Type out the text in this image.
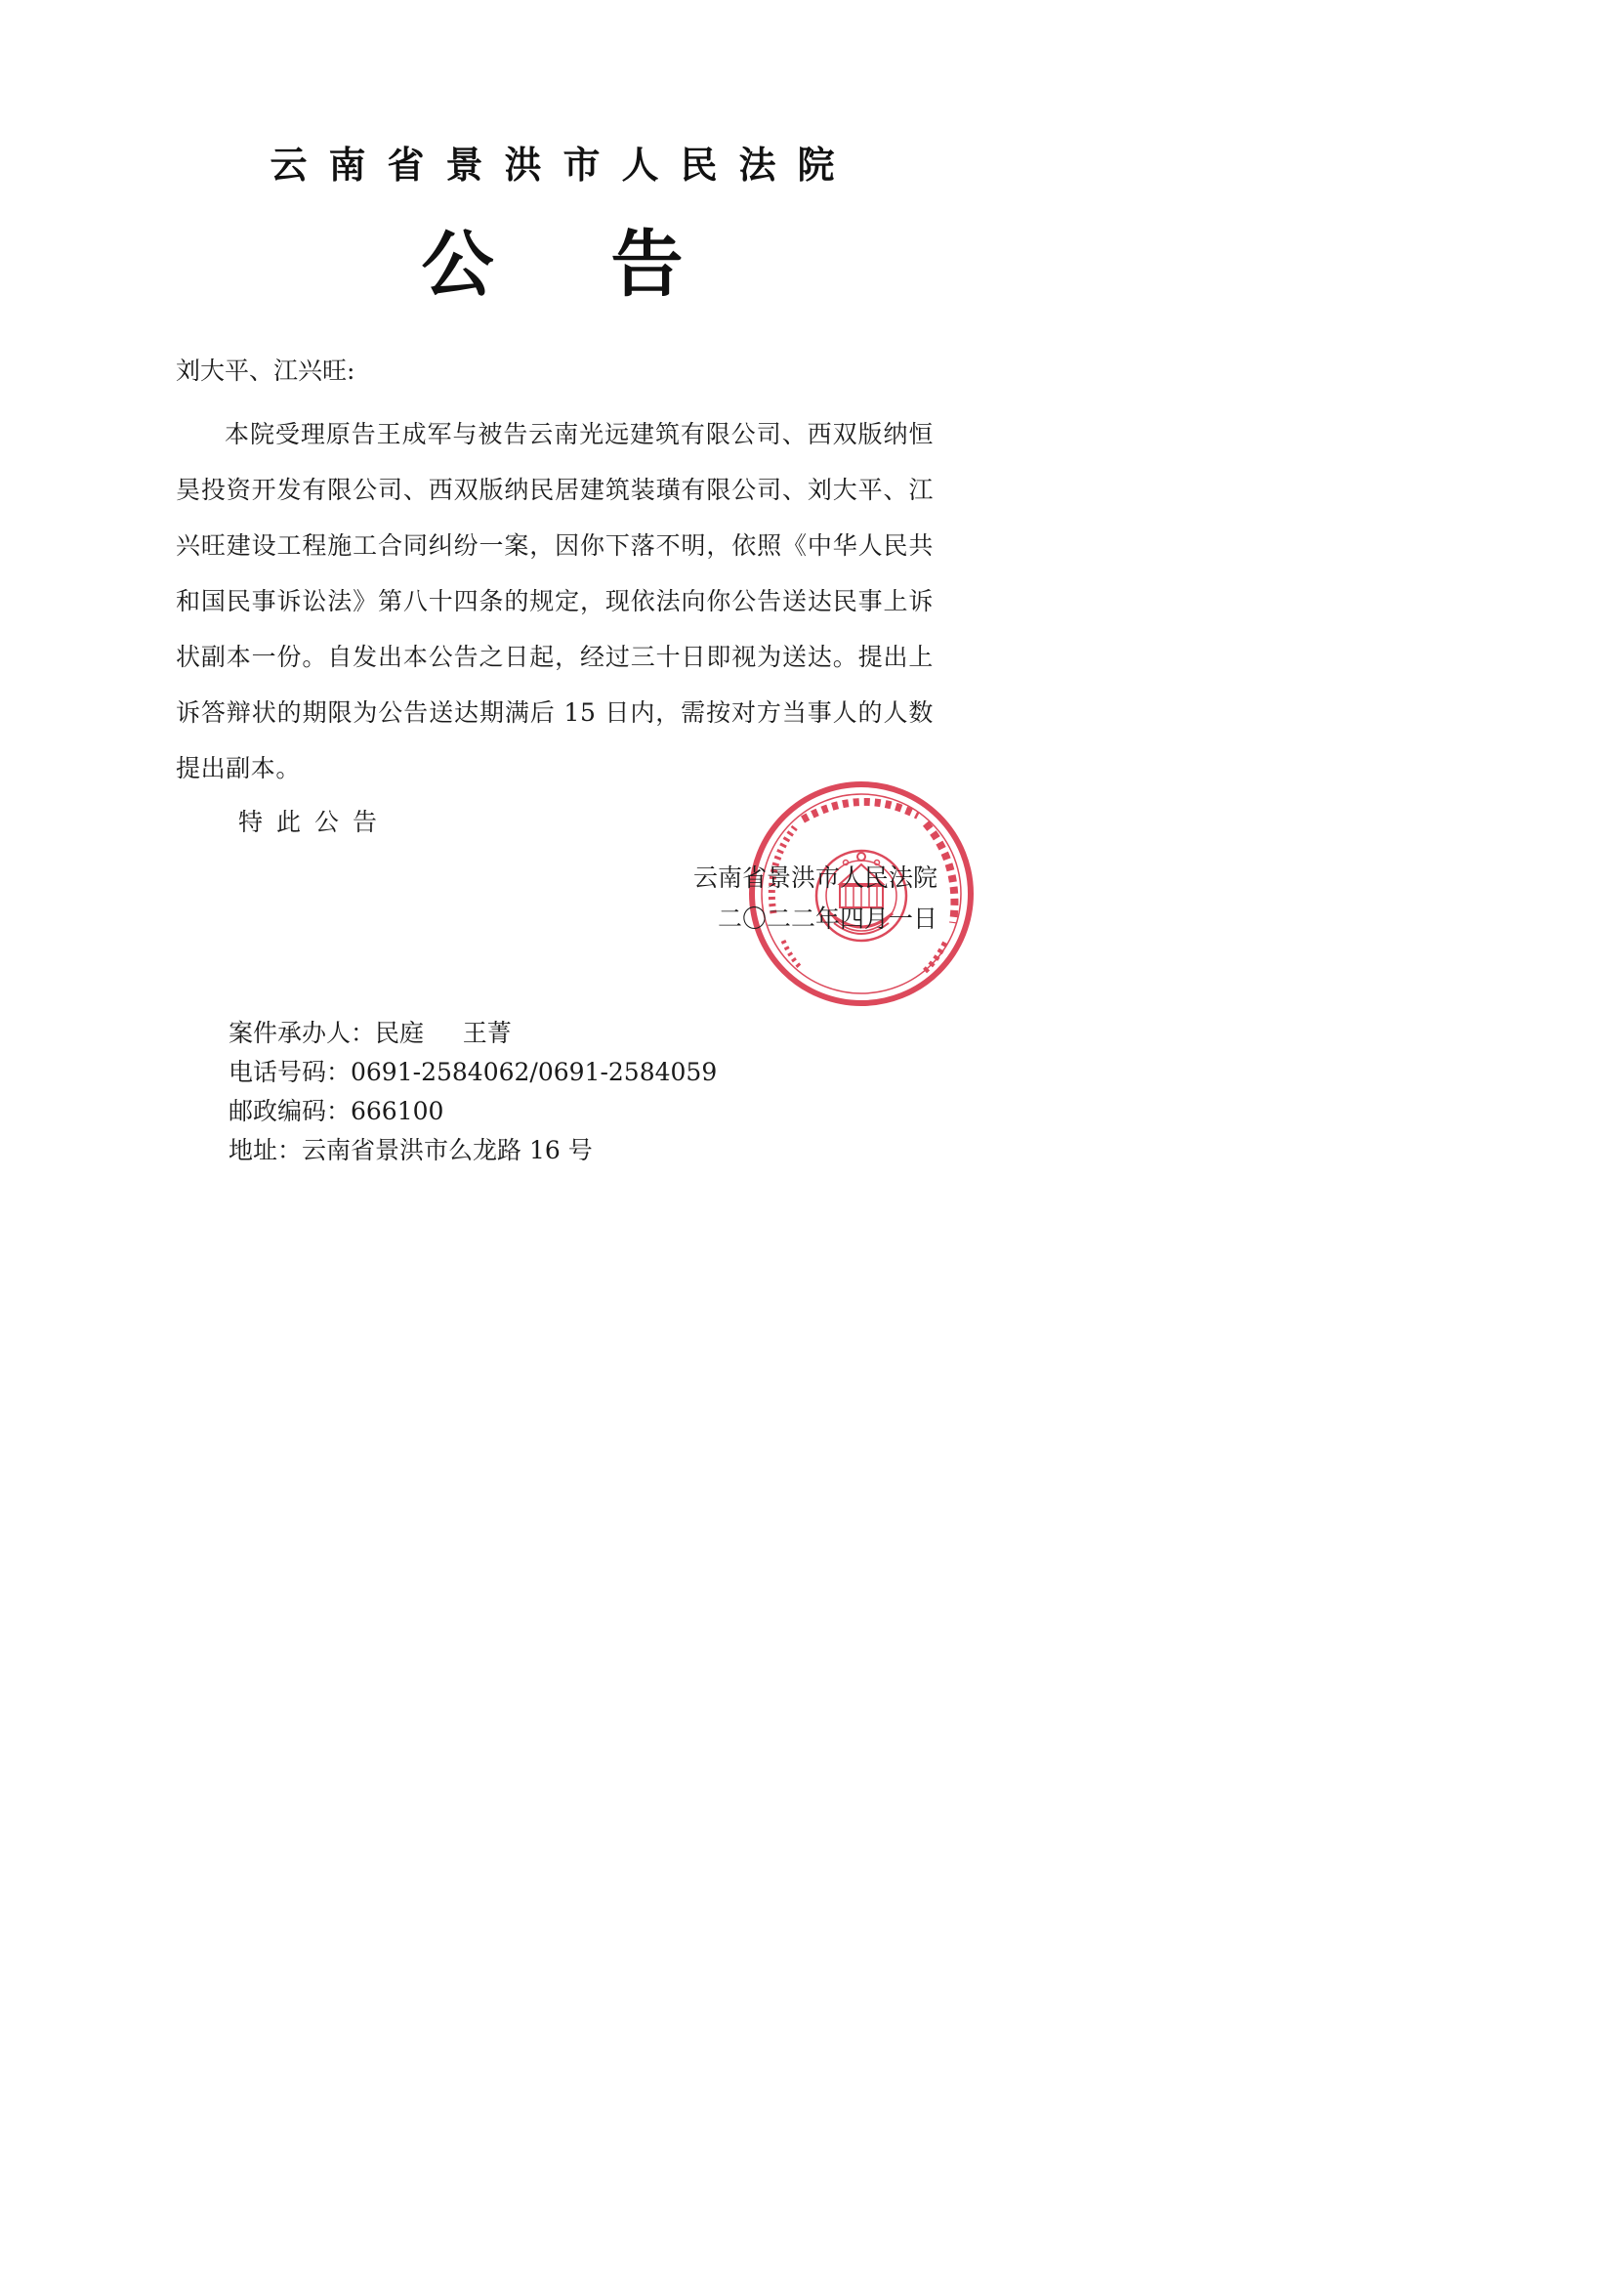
云南省景洪市人民法院
公告
刘大平、江兴旺:
本院受理原告王成军与被告云南光远建筑有限公司、西双版纳恒昊投资开发有限公司、西双版纳民居建筑装璜有限公司、刘大平、江兴旺建设工程施工合同纠纷一案，因你下落不明，依照《中华人民共和国民事诉讼法》第八十四条的规定，现依法向你公告送达民事上诉状副本一份。自发出本公告之日起，经过三十日即视为送达。提出上诉答辩状的期限为公告送达期满后 15 日内，需按对方当事人的人数提出副本。
特此公告
云南省景洪市人民法院
二〇二二年四月一日
案件承办人：民庭     王菁
电话号码：0691-2584062/0691-2584059
邮政编码：666100
地址：云南省景洪市么龙路 16 号
